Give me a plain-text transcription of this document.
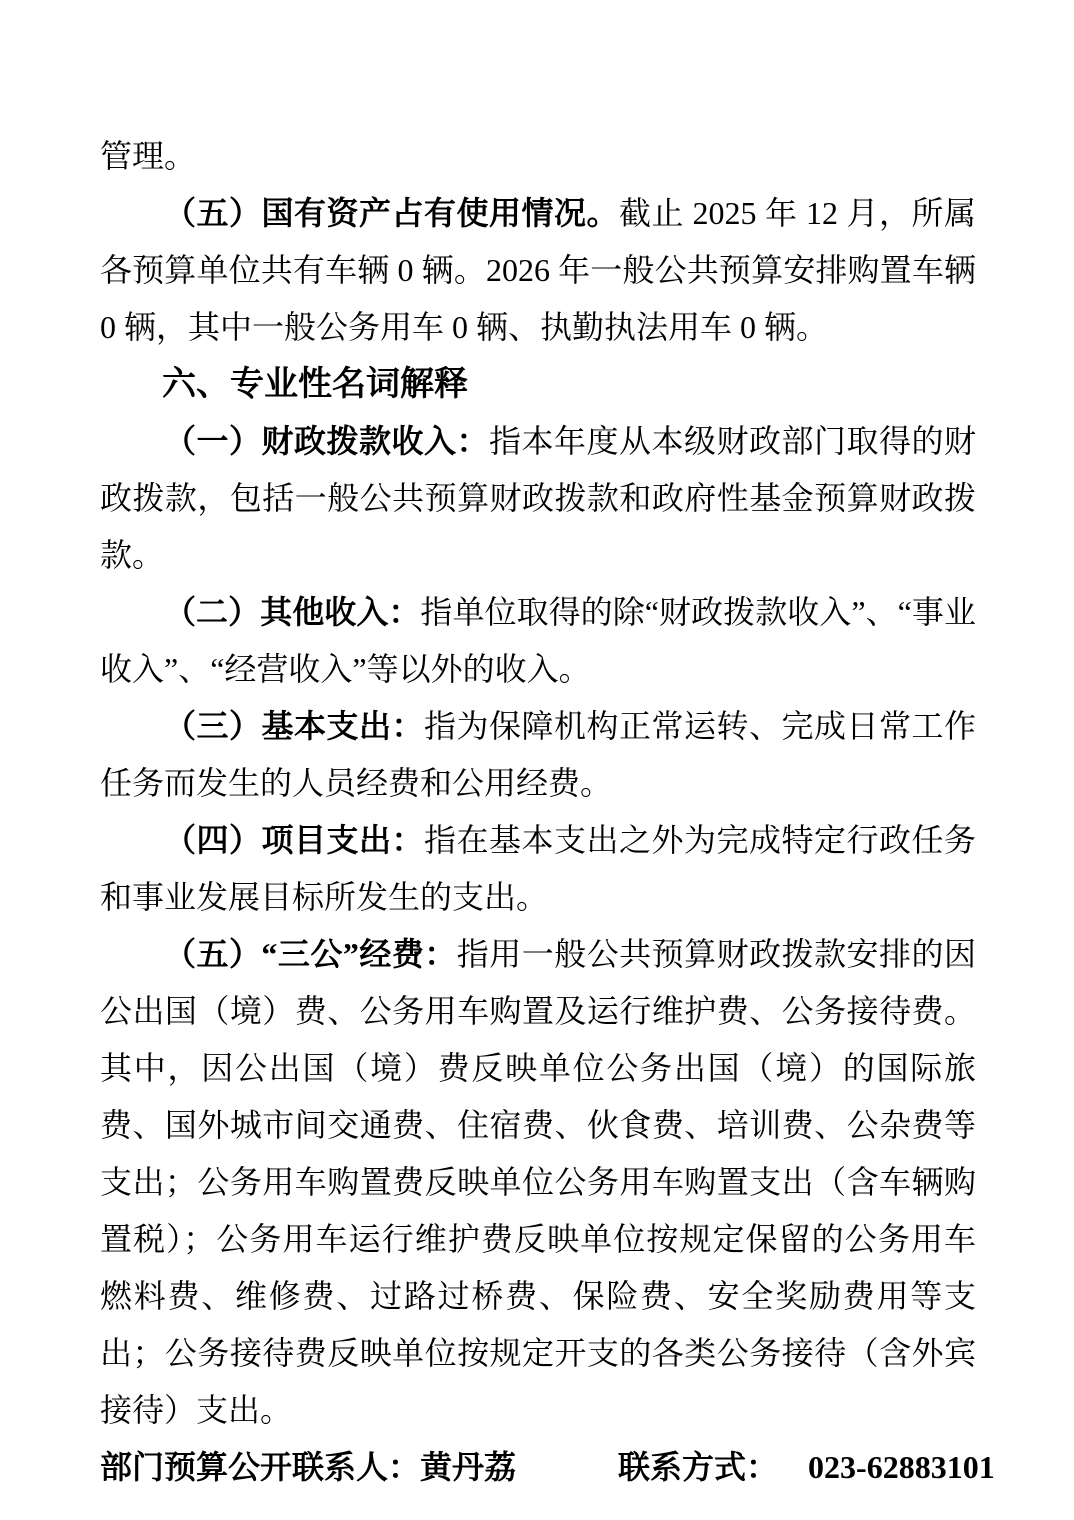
管理。

（五）国有资产占有使用情况。截止 2025 年 12 月，所属各预算单位共有车辆 0 辆。2026 年一般公共预算安排购置车辆 0 辆，其中一般公务用车 0 辆、执勤执法用车 0 辆。

六、专业性名词解释

（一）财政拨款收入：指本年度从本级财政部门取得的财政拨款，包括一般公共预算财政拨款和政府性基金预算财政拨款。

（二）其他收入：指单位取得的除“财政拨款收入”、“事业收入”、“经营收入”等以外的收入。

（三）基本支出：指为保障机构正常运转、完成日常工作任务而发生的人员经费和公用经费。

（四）项目支出：指在基本支出之外为完成特定行政任务和事业发展目标所发生的支出。

（五）“三公”经费：指用一般公共预算财政拨款安排的因公出国（境）费、公务用车购置及运行维护费、公务接待费。其中，因公出国（境）费反映单位公务出国（境）的国际旅费、国外城市间交通费、住宿费、伙食费、培训费、公杂费等支出；公务用车购置费反映单位公务用车购置支出（含车辆购置税）；公务用车运行维护费反映单位按规定保留的公务用车燃料费、维修费、过路过桥费、保险费、安全奖励费用等支出；公务接待费反映单位按规定开支的各类公务接待（含外宾接待）支出。

部门预算公开联系人：黄丹荔	联系方式： 023-62883101
